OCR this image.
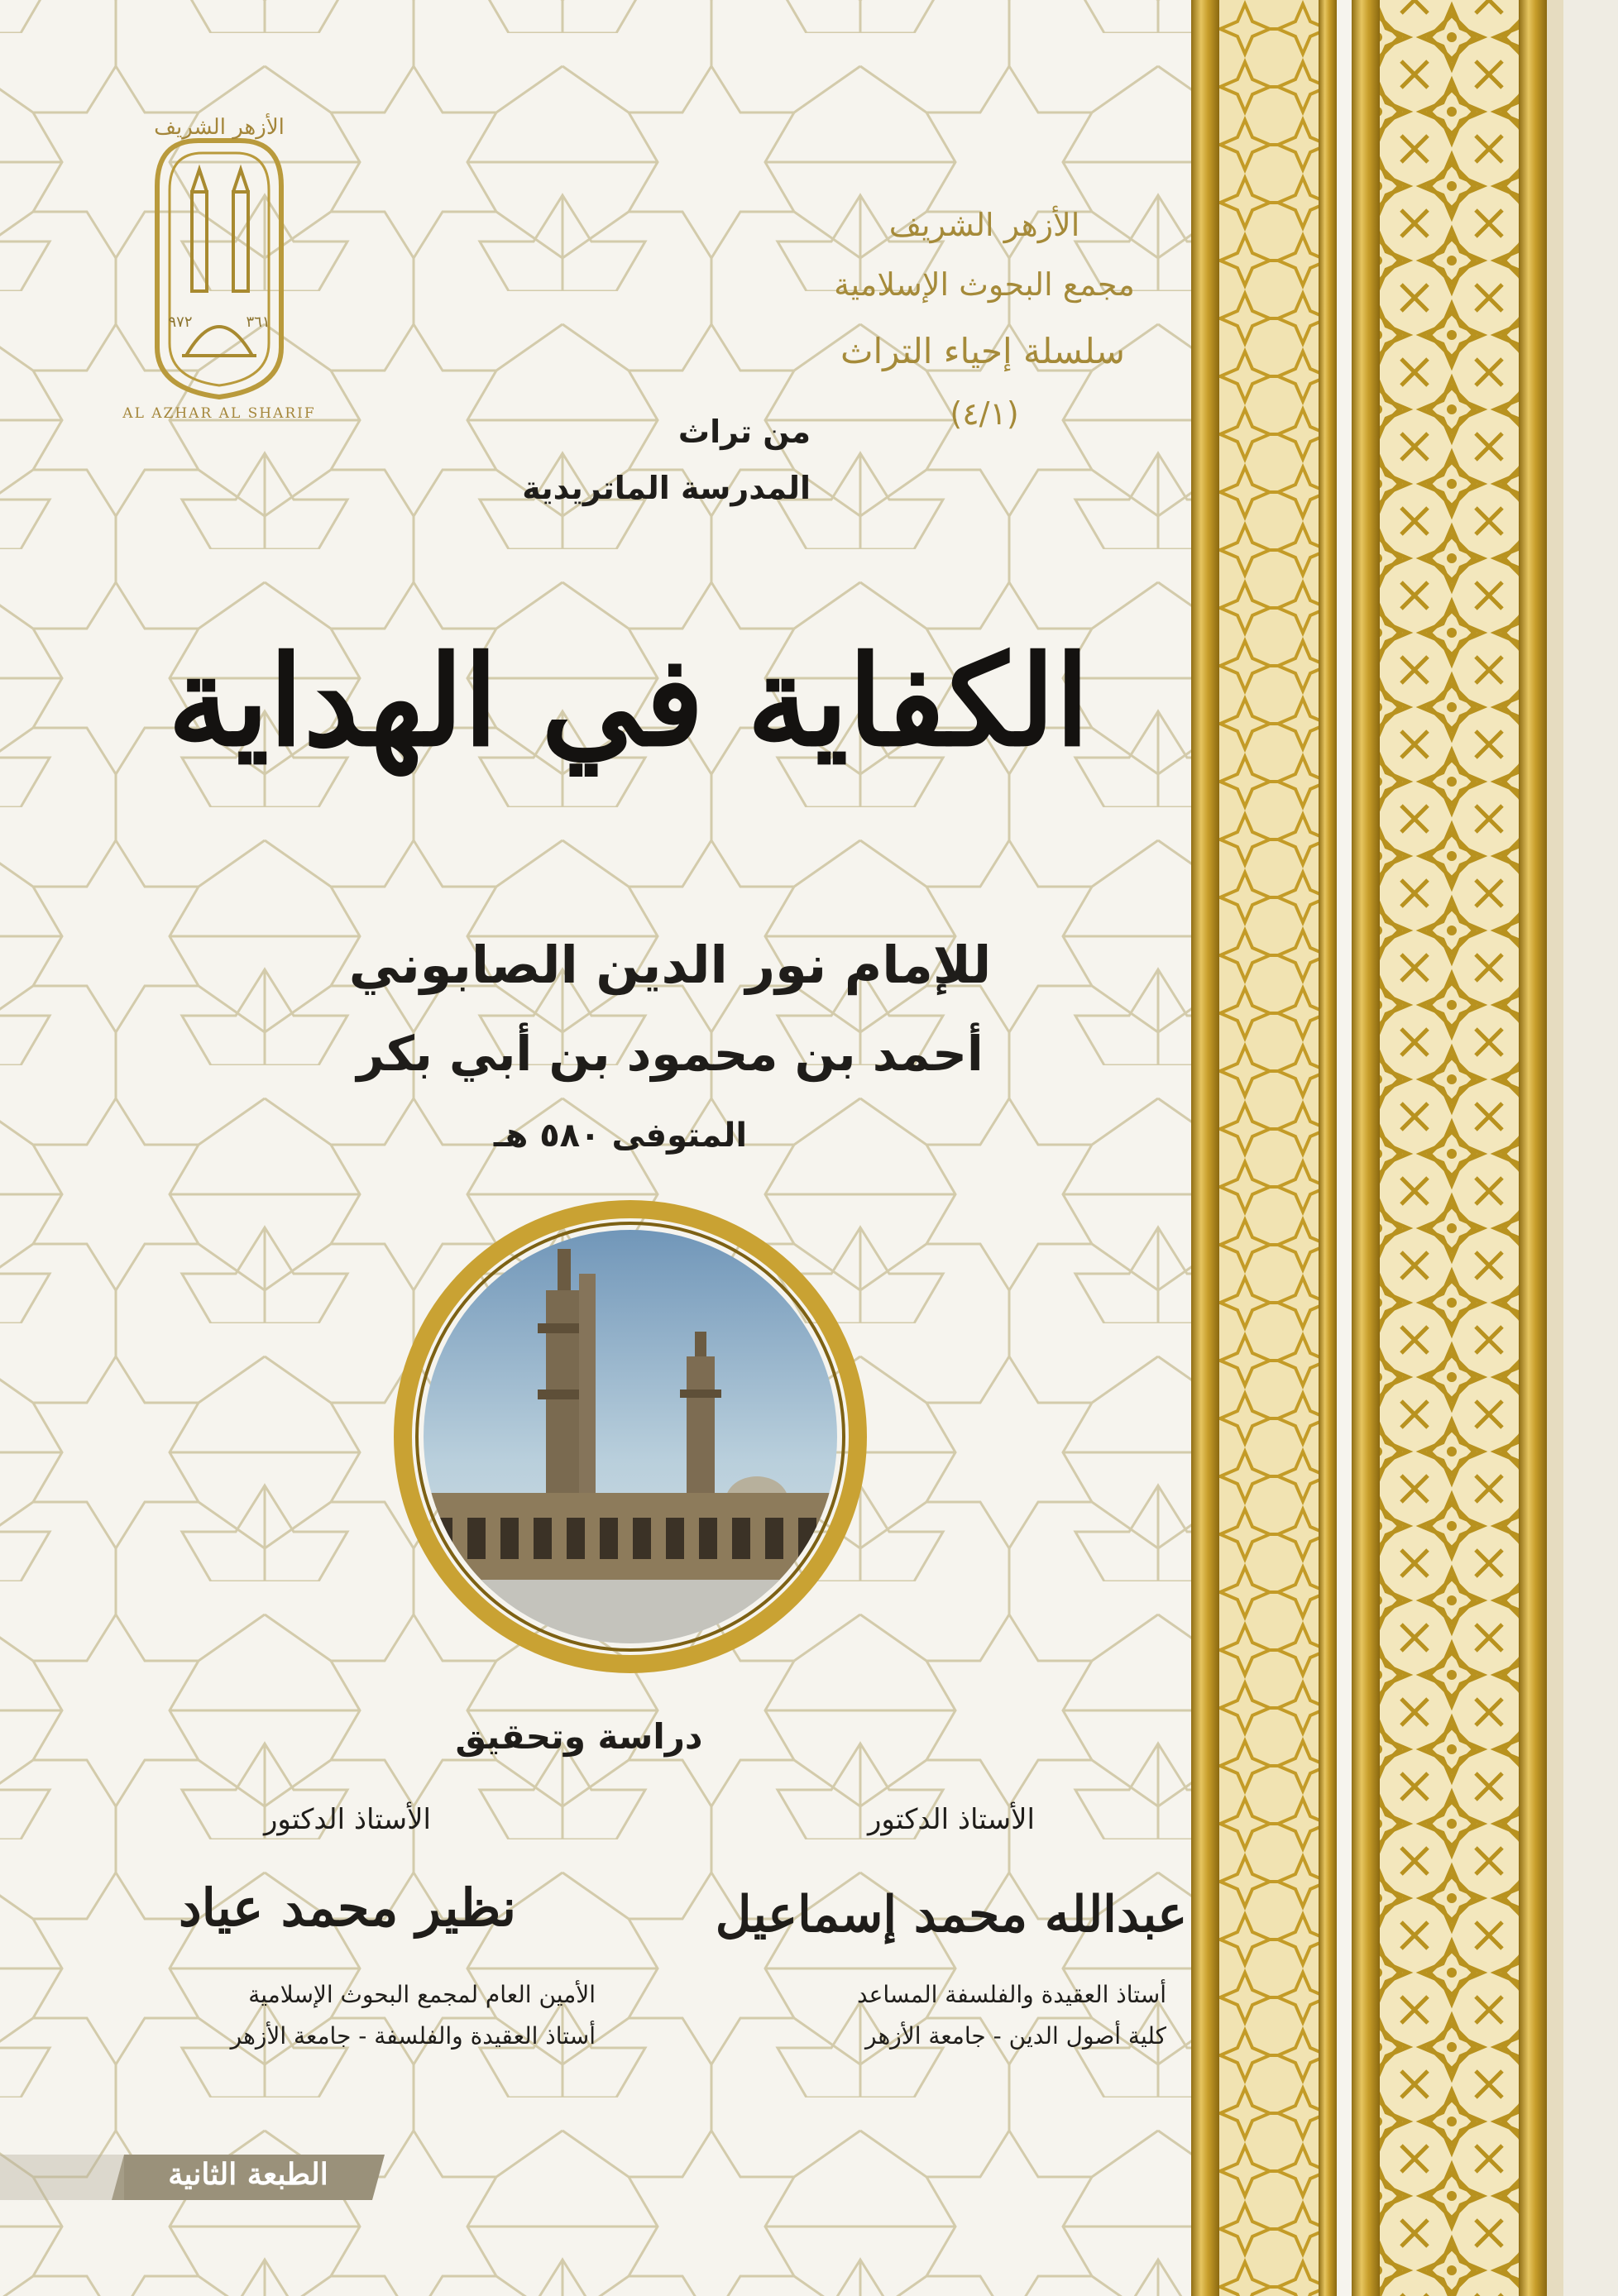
٩٧٢	٣٦١
الأزهر الشريف
AL AZHAR AL SHARIF
الأزهر الشريف
مجمع البحوث الإسلامية
سلسلة إحياء التراث
(٤/١)
من تراث
المدرسة الماتريدية
الكفاية في الهداية
للإمام نور الدين الصابوني
أحمد بن محمود بن أبي بكر
المتوفى ٥٨٠ هـ
دراسة وتحقيق
الأستاذ الدكتور
نظير محمد عياد
الأمين العام لمجمع البحوث الإسلامية
أستاذ العقيدة والفلسفة - جامعة الأزهر
الأستاذ الدكتور
عبدالله محمد إسماعيل
أستاذ العقيدة والفلسفة المساعد
كلية أصول الدين - جامعة الأزهر
الطبعة الثانية
